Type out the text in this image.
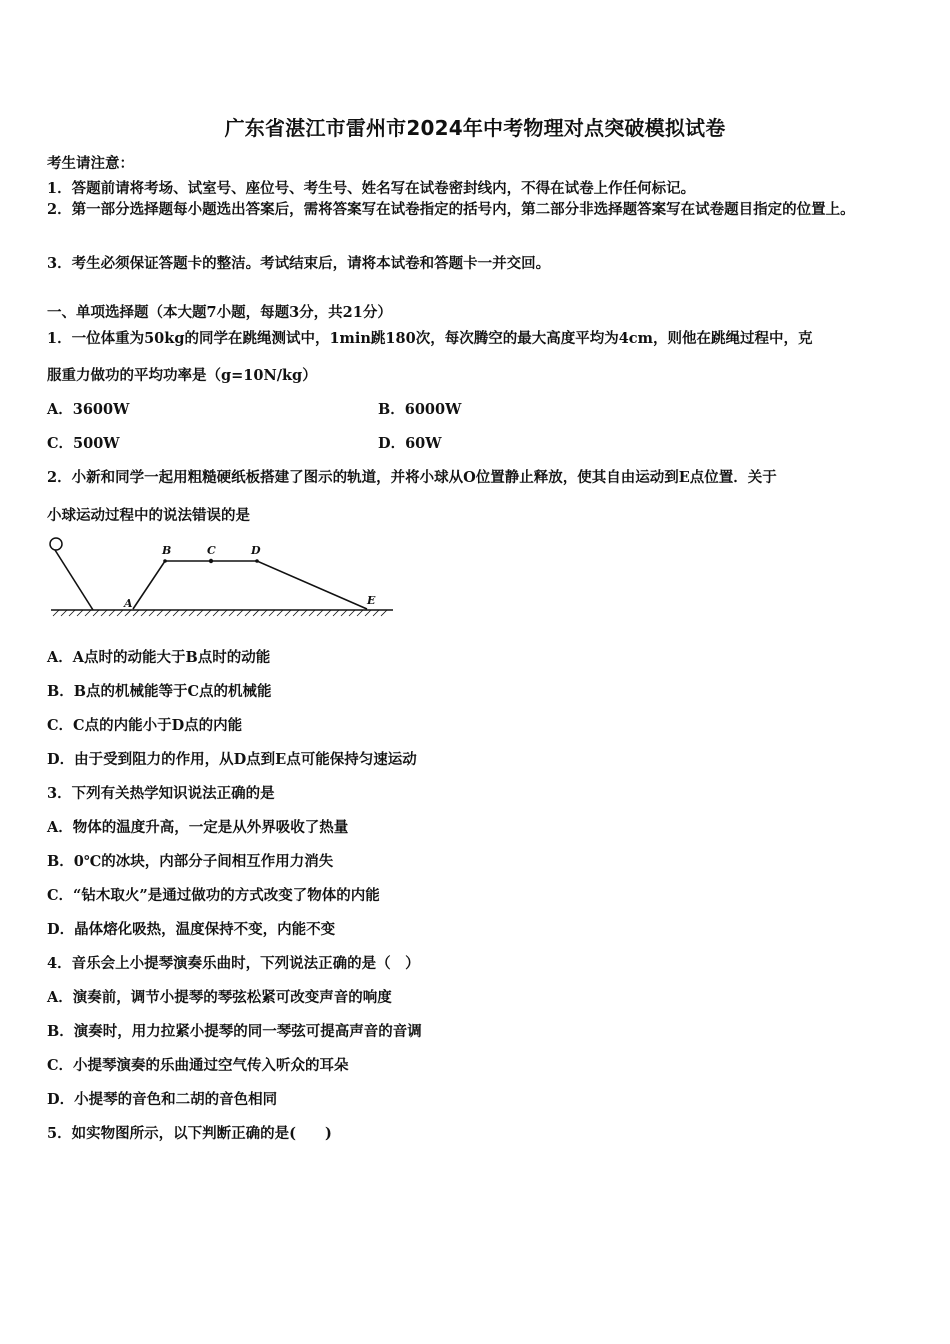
广东省湛江市雷州市2024年中考物理对点突破模拟试卷
考生请注意：
1．答题前请将考场、试室号、座位号、考生号、姓名写在试卷密封线内，不得在试卷上作任何标记。
2．第一部分选择题每小题选出答案后，需将答案写在试卷指定的括号内，第二部分非选择题答案写在试卷题目指定的位置上。
3．考生必须保证答题卡的整洁。考试结束后，请将本试卷和答题卡一并交回。
一、单项选择题（本大题7小题，每题3分，共21分）
1．一位体重为50kg的同学在跳绳测试中，1min跳180次，每次腾空的最大高度平均为4cm，则他在跳绳过程中，克
服重力做功的平均功率是（g=10N/kg）
A．3600W	B．6000W
C．500W	D．60W
2．小新和同学一起用粗糙硬纸板搭建了图示的轨道，并将小球从O位置静止释放，使其自由运动到E点位置．关于
小球运动过程中的说法错误的是
A
B	C	D
E
A．A点时的动能大于B点时的动能
B．B点的机械能等于C点的机械能
C．C点的内能小于D点的内能
D．由于受到阻力的作用，从D点到E点可能保持匀速运动
3．下列有关热学知识说法正确的是
A．物体的温度升高，一定是从外界吸收了热量
B．0℃的冰块，内部分子间相互作用力消失
C．“钻木取火”是通过做功的方式改变了物体的内能
D．晶体熔化吸热，温度保持不变，内能不变
4．音乐会上小提琴演奏乐曲时，下列说法正确的是（　）
A．演奏前，调节小提琴的琴弦松紧可改变声音的响度
B．演奏时，用力拉紧小提琴的同一琴弦可提高声音的音调
C．小提琴演奏的乐曲通过空气传入听众的耳朵
D．小提琴的音色和二胡的音色相同
5．如实物图所示，以下判断正确的是(　　)
